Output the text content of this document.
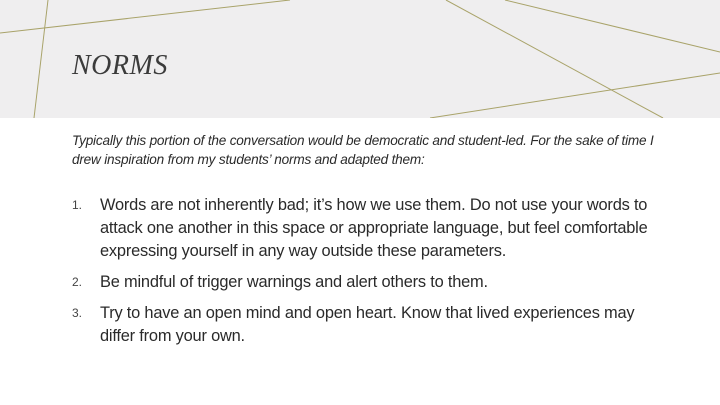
NORMS

Typically this portion of the conversation would be democratic and student-led. For the sake of time I drew inspiration from my students’ norms and adapted them:

1.	Words are not inherently bad; it’s how we use them. Do not use your words to attack one another in this space or appropriate language, but feel comfortable expressing yourself in any way outside these parameters.
2.	Be mindful of trigger warnings and alert others to them.
3.	Try to have an open mind and open heart. Know that lived experiences may differ from your own.
